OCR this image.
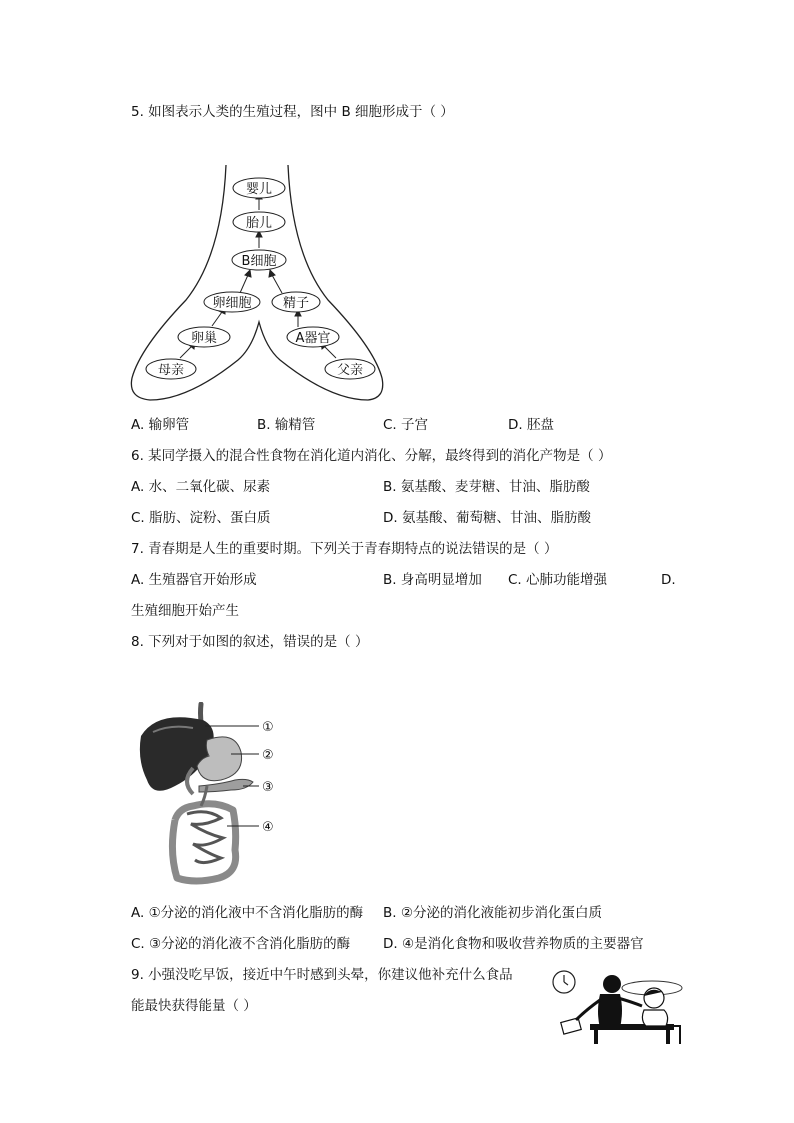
5. 如图表示人类的生殖过程，图中 B 细胞形成于（ ）
婴儿
胎儿
B细胞
卵细胞 精子
卵巢	A器官
母亲	父亲
A. 输卵管	B. 输精管	C. 子宫	D. 胚盘
6. 某同学摄入的混合性食物在消化道内消化、分解，最终得到的消化产物是（ ）
A. 水、二氧化碳、尿素	B. 氨基酸、麦芽糖、甘油、脂肪酸
C. 脂肪、淀粉、蛋白质	D. 氨基酸、葡萄糖、甘油、脂肪酸
7. 青春期是人生的重要时期。下列关于青春期特点的说法错误的是（ ）
A. 生殖器官开始形成	B. 身高明显增加 C. 心肺功能增强	D.
生殖细胞开始产生
8. 下列对于如图的叙述，错误的是（ ）
①
②
③
④
A. ①分泌的消化液中不含消化脂肪的酶 B. ②分泌的消化液能初步消化蛋白质
C. ③分泌的消化液不含消化脂肪的酶 D. ④是消化食物和吸收营养物质的主要器官
9. 小强没吃早饭，接近中午时感到头晕，你建议他补充什么食品
能最快获得能量（ ）
